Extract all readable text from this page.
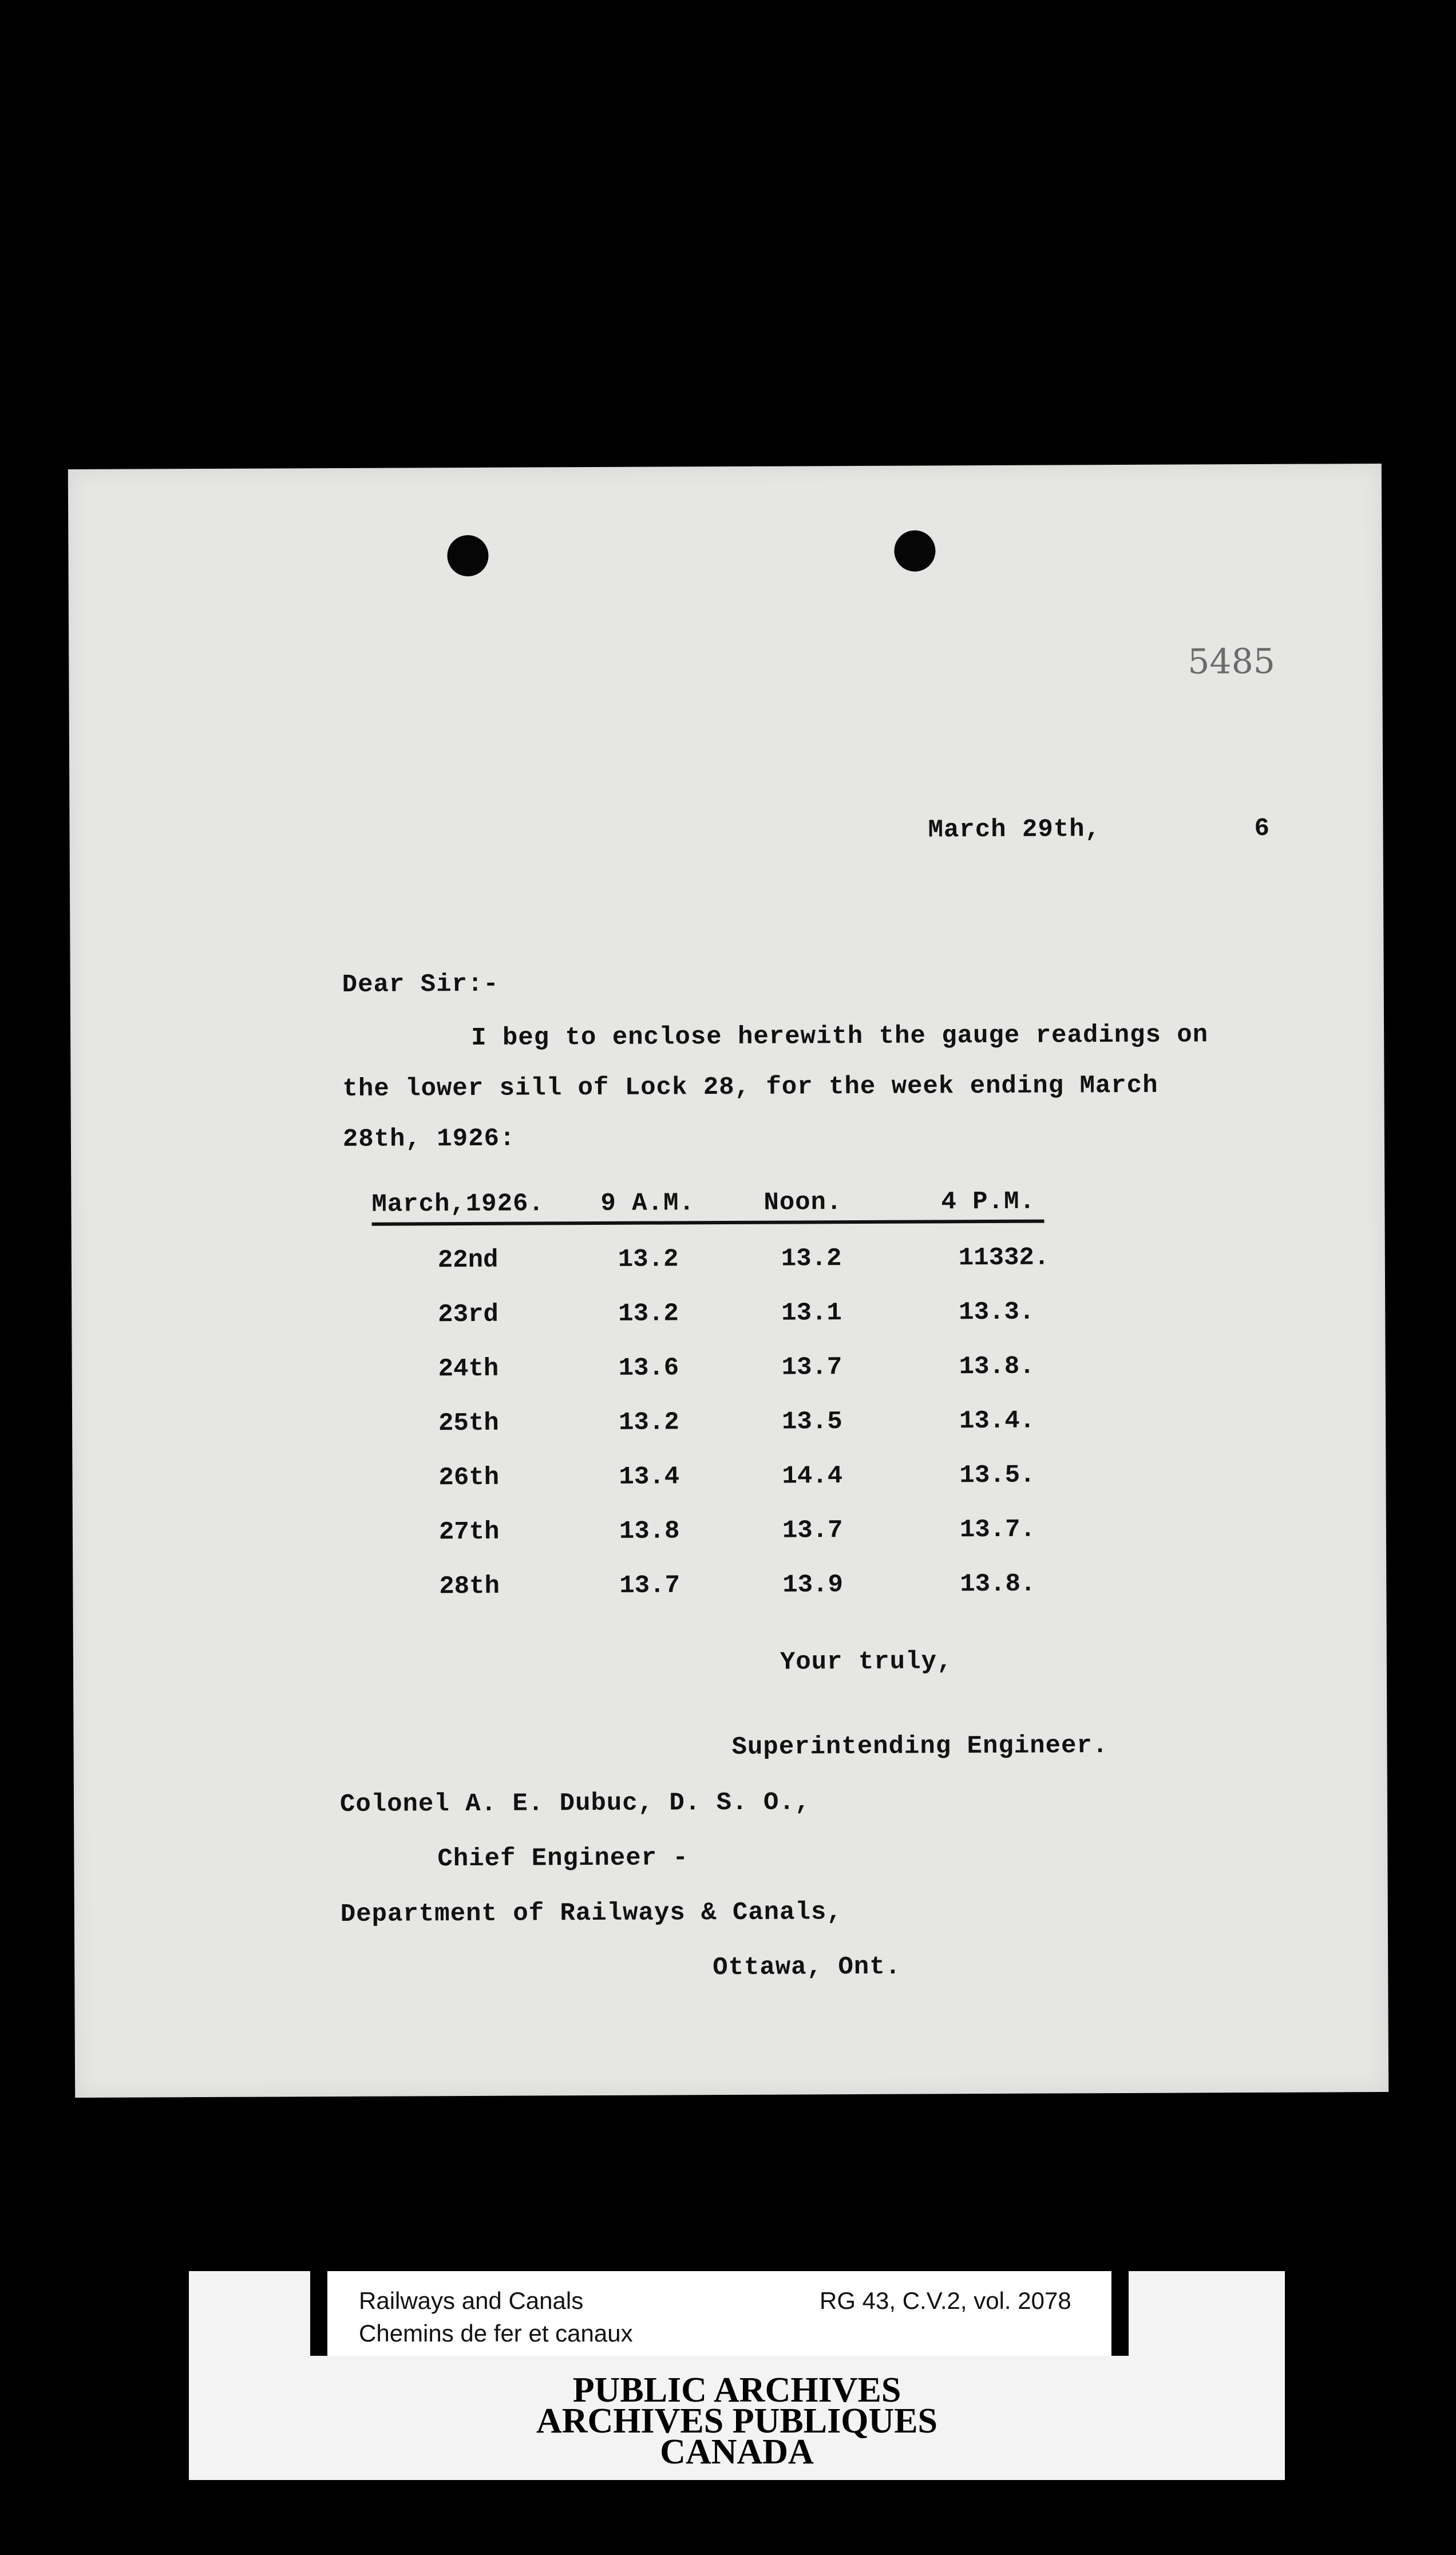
5485
March 29th,	6
Dear Sir:-
I beg to enclose herewith the gauge readings on
the lower sill of Lock 28, for the week ending March
28th, 1926:
March,1926. 9 A.M.	Noon.	4 P.M.
22nd	13.2	13.2	11332.
23rd	13.2	13.1	13.3.
24th	13.6	13.7	13.8.
25th	13.2	13.5	13.4.
26th	13.4	14.4	13.5.
27th	13.8	13.7	13.7.
28th	13.7	13.9	13.8.
Your truly,
Superintending Engineer.
Colonel A. E. Dubuc, D. S. O.,
Chief Engineer -
Department of Railways & Canals,
Ottawa, Ont.
Railways and Canals
Chemins de fer et canaux
RG 43, C.V.2, vol. 2078
PUBLIC ARCHIVES
ARCHIVES PUBLIQUES
CANADA
